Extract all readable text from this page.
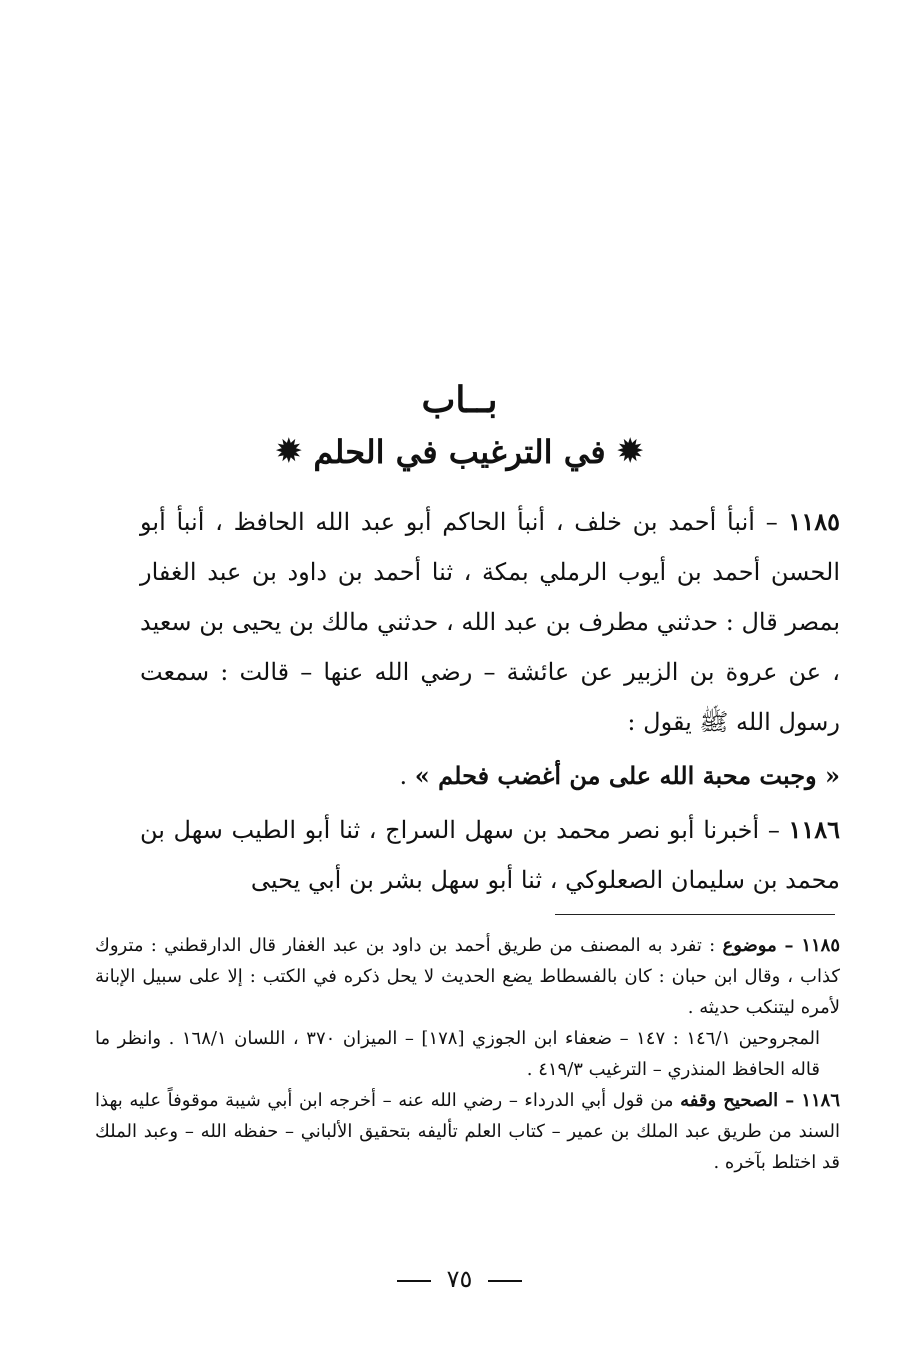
بــاب
✹
في الترغيب في الحلم
✹

١١٨٥ – أنبأ أحمد بن خلف ، أنبأ الحاكم أبو عبد الله الحافظ ، أنبأ أبو الحسن أحمد بن أيوب الرملي بمكة ، ثنا أحمد بن داود بن عبد الغفار بمصر قال : حدثني مطرف بن عبد الله ، حدثني مالك بن يحيى بن سعيد ، عن عروة بن الزبير عن عائشة – رضي الله عنها – قالت : سمعت رسول الله ﷺ يقول :

« وجبت محبة الله على من أغضب فحلم » .

١١٨٦ – أخبرنا أبو نصر محمد بن سهل السراج ، ثنا أبو الطيب سهل بن محمد بن سليمان الصعلوكي ، ثنا أبو سهل بشر بن أبي يحيى

١١٨٥ – موضوع : تفرد به المصنف من طريق أحمد بن داود بن عبد الغفار قال الدارقطني : متروك كذاب ، وقال ابن حبان : كان بالفسطاط يضع الحديث لا يحل ذكره في الكتب : إلا على سبيل الإبانة لأمره ليتنكب حديثه .

المجروحين ١٤٦/١ : ١٤٧ – ضعفاء ابن الجوزي [١٧٨] – الميزان ٣٧٠ ، اللسان ١٦٨/١ . وانظر ما قاله الحافظ المنذري – الترغيب ٤١٩/٣ .

١١٨٦ – الصحيح وقفه من قول أبي الدرداء – رضي الله عنه – أخرجه ابن أبي شيبة موقوفاً عليه بهذا السند من طريق عبد الملك بن عمير – كتاب العلم تأليفه بتحقيق الألباني – حفظه الله – وعبد الملك قد اختلط بآخره .

٧٥
